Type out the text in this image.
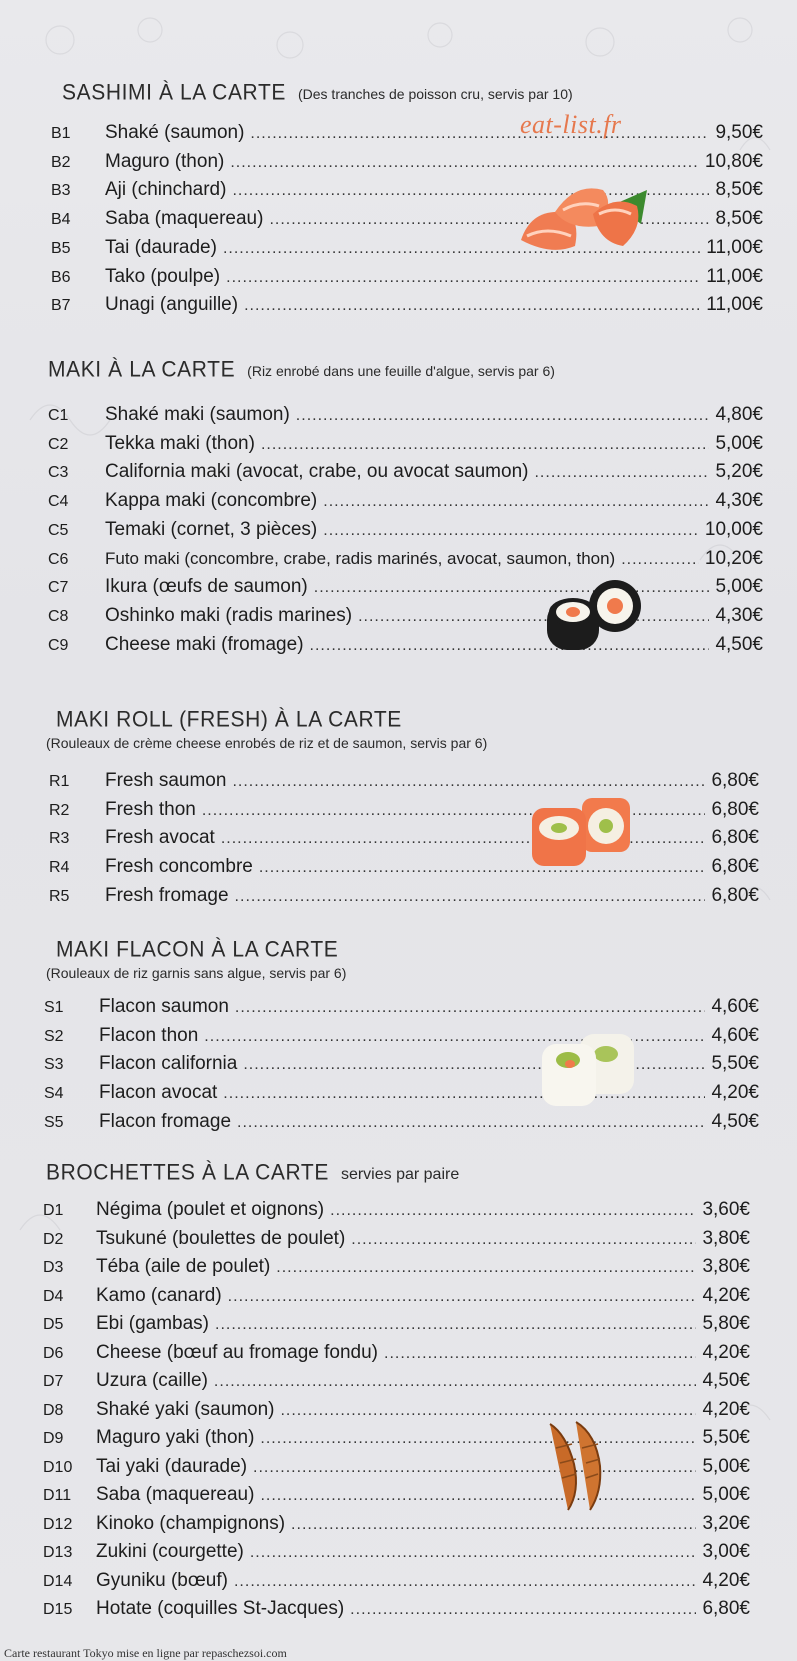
eat-list.fr
SASHIMI À LA CARTE (Des tranches de poisson cru, servis par 10)
B1	Shaké (saumon) .....	9,50€
B2	Maguro (thon) .....	10,80€
B3	Aji (chinchard) .....	8,50€
B4	Saba (maquereau) .....	8,50€
B5	Tai (daurade) .....	11,00€
B6	Tako (poulpe) .....	11,00€
B7	Unagi (anguille) .....	11,00€
MAKI À LA CARTE (Riz enrobé dans une feuille d'algue, servis par 6)
C1	Shaké maki (saumon) .....	4,80€
C2	Tekka maki (thon) .....	5,00€
C3	California maki (avocat, crabe, ou avocat saumon) .....	5,20€
C4	Kappa maki (concombre) .....	4,30€
C5	Temaki (cornet, 3 pièces) .....	10,00€
C6	Futo maki (concombre, crabe, radis marinés, avocat, saumon, thon) .....	10,20€
C7	Ikura (œufs de saumon) .....	5,00€
C8	Oshinko maki (radis marines) .....	4,30€
C9	Cheese maki (fromage) .....	4,50€
MAKI ROLL (FRESH) À LA CARTE
(Rouleaux de crème cheese enrobés de riz et de saumon, servis par 6)
R1	Fresh saumon .....	6,80€
R2	Fresh thon .....	6,80€
R3	Fresh avocat .....	6,80€
R4	Fresh concombre .....	6,80€
R5	Fresh fromage .....	6,80€
MAKI FLACON À LA CARTE
(Rouleaux de riz garnis sans algue, servis par 6)
S1	Flacon saumon .....	4,60€
S2	Flacon thon .....	4,60€
S3	Flacon california .....	5,50€
S4	Flacon avocat .....	4,20€
S5	Flacon fromage .....	4,50€
BROCHETTES À LA CARTE servies par paire
D1	Négima (poulet et oignons) .....	3,60€
D2	Tsukuné (boulettes de poulet) .....	3,80€
D3	Téba (aile de poulet) .....	3,80€
D4	Kamo (canard) .....	4,20€
D5	Ebi (gambas) .....	5,80€
D6	Cheese (bœuf au fromage fondu) .....	4,20€
D7	Uzura (caille) .....	4,50€
D8	Shaké yaki (saumon) .....	4,20€
D9	Maguro yaki (thon) .....	5,50€
D10	Tai yaki (daurade) .....	5,00€
D11	Saba (maquereau) .....	5,00€
D12	Kinoko (champignons) .....	3,20€
D13	Zukini (courgette) .....	3,00€
D14	Gyuniku (bœuf) .....	4,20€
D15	Hotate (coquilles St-Jacques) .....	6,80€
Carte restaurant Tokyo mise en ligne par repaschezsoi.com
